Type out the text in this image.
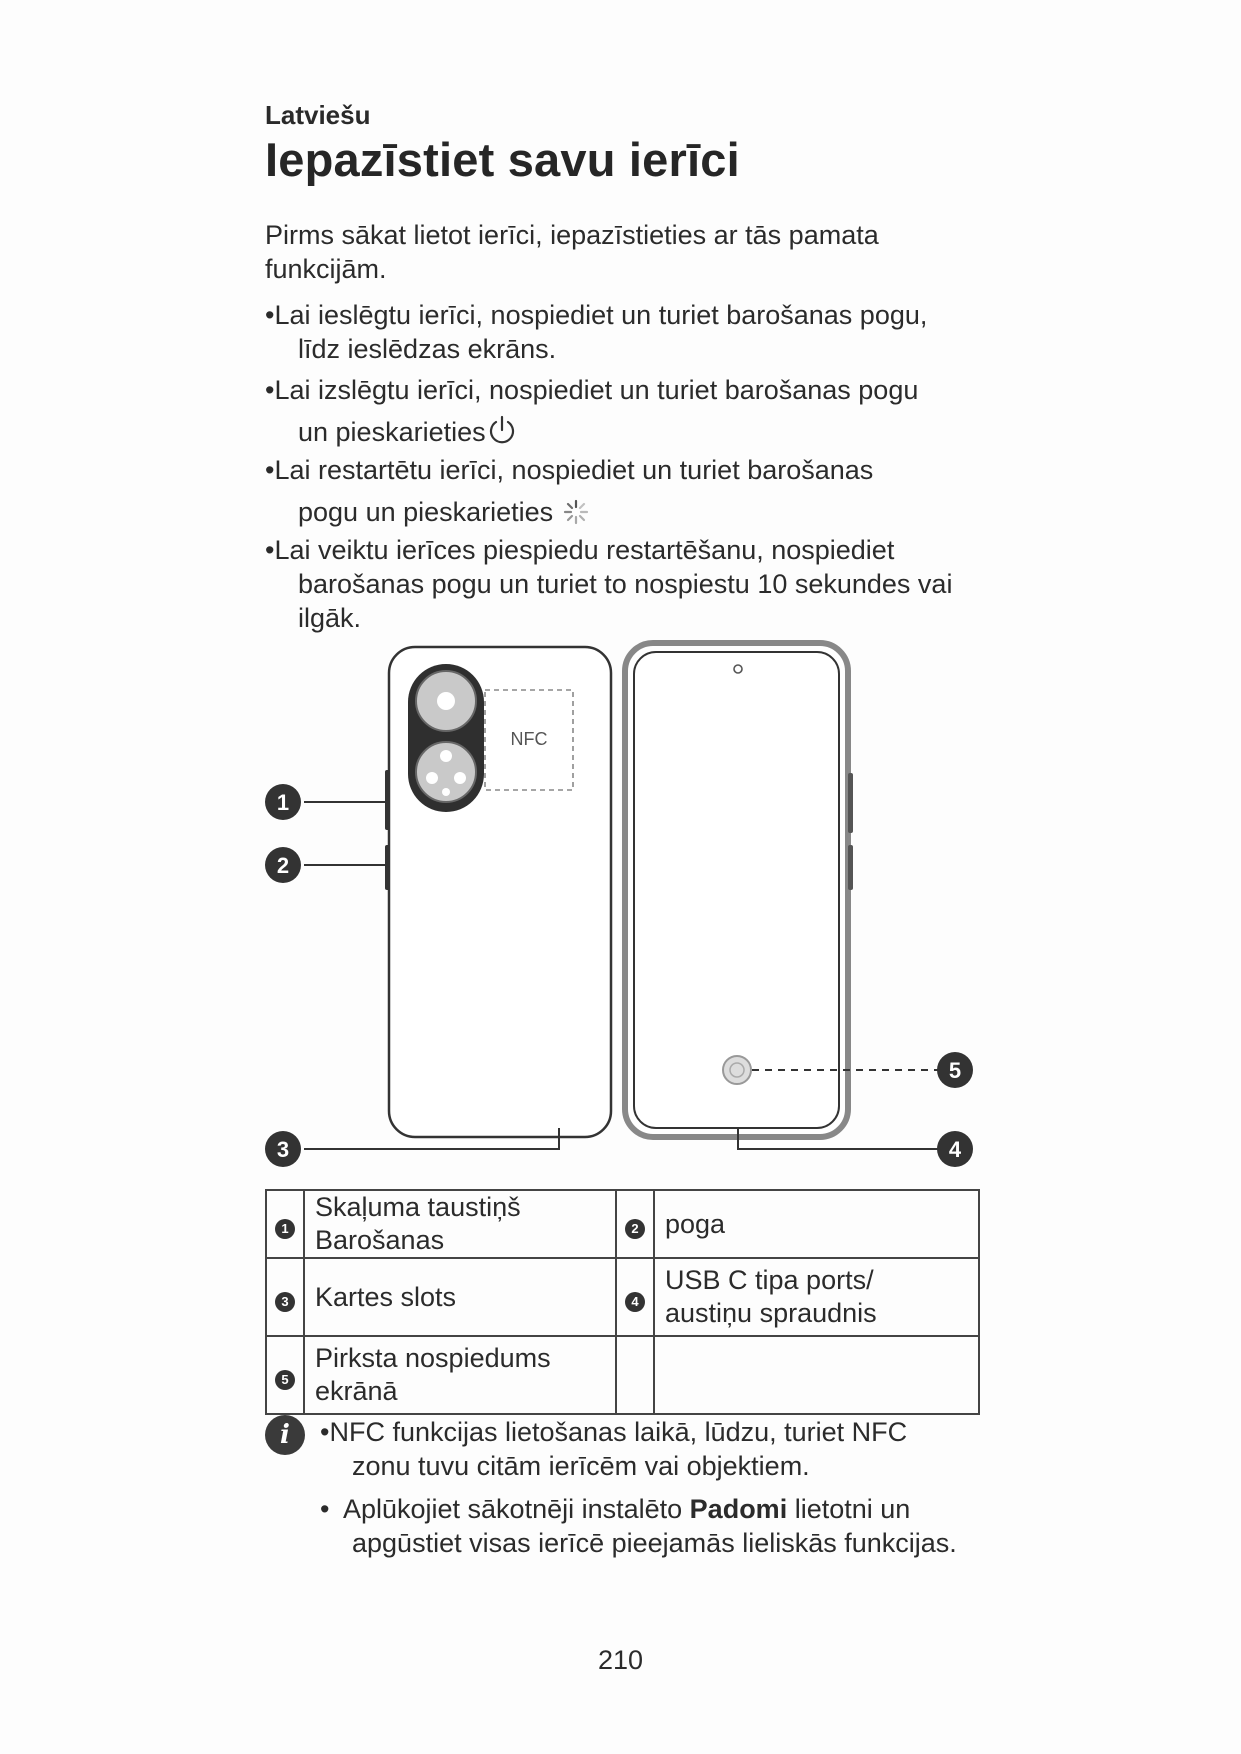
Latviešu
Iepazīstiet savu ierīci
Pirms sākat lietot ierīci, iepazīstieties ar tās pamata funkcijām.
•Lai ieslēgtu ierīci, nospiediet un turiet barošanas pogu,
līdz ieslēdzas ekrāns.
•Lai izslēgtu ierīci, nospiediet un turiet barošanas pogu
un pieskarieties
•Lai restartētu ierīci, nospiediet un turiet barošanas
pogu un pieskarieties
•Lai veiktu ierīces piespiedu restartēšanu, nospiediet
barošanas pogu un turiet to nospiestu 10 sekundes vai
ilgāk.
NFC
1
2
3	4
5
1	Skaļuma taustiņš Barošanas	2	poga
3	Kartes slots	4	USB C tipa ports/
austiņu spraudnis
5	Pirksta nospiedums
ekrānā		
i	•NFC funkcijas lietošanas laikā, lūdzu, turiet NFC
zonu tuvu citām ierīcēm vai objektiem.
•  Aplūkojiet sākotnēji instalēto Padomi lietotni un
apgūstiet visas ierīcē pieejamās lieliskās funkcijas.
210
